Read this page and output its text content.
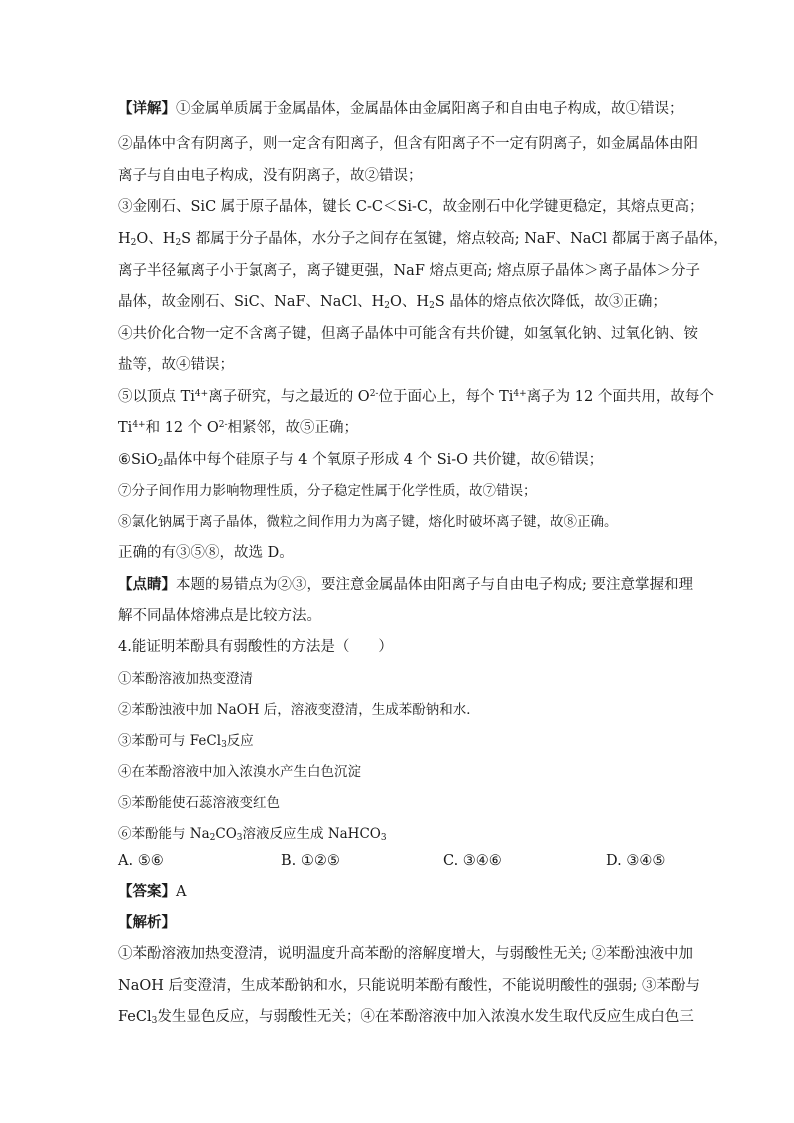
【详解】①金属单质属于金属晶体，金属晶体由金属阳离子和自由电子构成，故①错误；
②晶体中含有阴离子，则一定含有阳离子，但含有阳离子不一定有阴离子，如金属晶体由阳
离子与自由电子构成，没有阴离子，故②错误；
③金刚石、SiC 属于原子晶体，键长 C-C＜Si-C，故金刚石中化学键更稳定，其熔点更高；
$H_2O$、$H_2S$ 都属于分子晶体，水分子之间存在氢键，熔点较高; NaF、NaCl 都属于离子晶体，
离子半径氟离子小于氯离子，离子键更强，NaF 熔点更高; 熔点原子晶体＞离子晶体＞分子
晶体，故金刚石、SiC、NaF、NaCl、$H_2O$、$H_2S$ 晶体的熔点依次降低，故③正确；
④共价化合物一定不含离子键，但离子晶体中可能含有共价键，如氢氧化钠、过氧化钠、铵
盐等，故④错误；
⑤以顶点 $Ti^{4+}$离子研究，与之最近的 $O^{2-}$位于面心上，每个 $Ti^{4+}$离子为 12 个面共用，故每个
$Ti^{4+}$和 12 个 $O^{2-}$相紧邻，故⑤正确；
⑥SiO$_2$晶体中每个硅原子与 4 个氧原子形成 4 个 Si-O 共价键，故⑥错误；
⑦分子间作用力影响物理性质，分子稳定性属于化学性质，故⑦错误；
⑧氯化钠属于离子晶体，微粒之间作用力为离子键，熔化时破坏离子键，故⑧正确。
正确的有③⑤⑧，故选 D。
【点睛】本题的易错点为②③，要注意金属晶体由阳离子与自由电子构成; 要注意掌握和理
解不同晶体熔沸点是比较方法。
4.能证明苯酚具有弱酸性的方法是（　　）
①苯酚溶液加热变澄清
②苯酚浊液中加 NaOH 后，溶液变澄清，生成苯酚钠和水．
③苯酚可与 FeCl$_3$反应
④在苯酚溶液中加入浓溴水产生白色沉淀
⑤苯酚能使石蕊溶液变红色
⑥苯酚能与 $Na_2CO_3$溶液反应生成 NaHCO$_3$
A. ⑤⑥	B. ①②⑤	C. ③④⑥	D. ③④⑤
【答案】A
【解析】
①苯酚溶液加热变澄清，说明温度升高苯酚的溶解度增大，与弱酸性无关; ②苯酚浊液中加
NaOH 后变澄清，生成苯酚钠和水，只能说明苯酚有酸性，不能说明酸性的强弱; ③苯酚与
FeCl$_3$发生显色反应，与弱酸性无关；④在苯酚溶液中加入浓溴水发生取代反应生成白色三
